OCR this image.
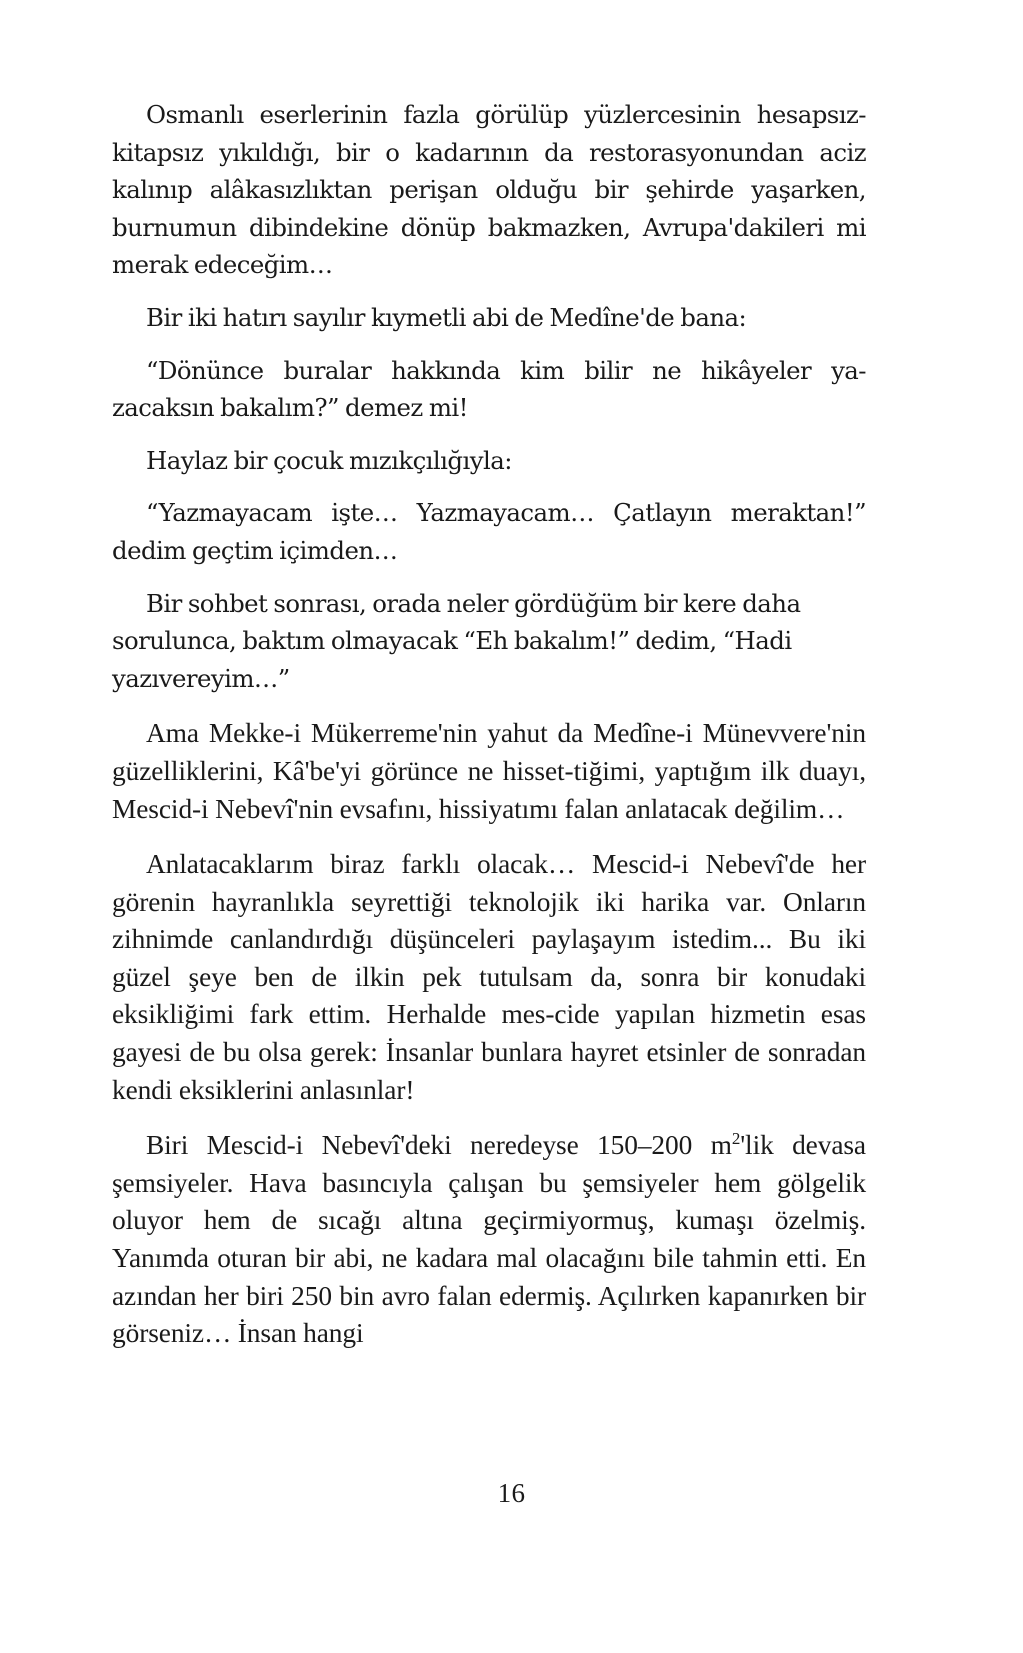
Osmanlı eserlerinin fazla görülüp yüzlercesinin hesapsız-kitapsız yıkıldığı, bir o kadarının da restorasyonundan aciz kalınıp alâkasızlıktan perişan olduğu bir şehirde yaşarken, burnumun dibindekine dönüp bakmazken, Avrupa'dakileri mi merak edeceğim…

Bir iki hatırı sayılır kıymetli abi de Medîne'de bana:

“Dönünce buralar hakkında kim bilir ne hikâyeler ya-zacaksın bakalım?” demez mi!

Haylaz bir çocuk mızıkçılığıyla:

“Yazmayacam işte… Yazmayacam… Çatlayın meraktan!” dedim geçtim içimden…

Bir sohbet sonrası, orada neler gördüğüm bir kere daha sorulunca, baktım olmayacak “Eh bakalım!” dedim, “Hadi yazıvereyim…”

Ama Mekke-i Mükerreme'nin yahut da Medîne-i Münevvere'nin güzelliklerini, Kâ'be'yi görünce ne hisset-tiğimi, yaptığım ilk duayı, Mescid-i Nebevî'nin evsafını, hissiyatımı falan anlatacak değilim…

Anlatacaklarım biraz farklı olacak… Mescid-i Nebevî'de her görenin hayranlıkla seyrettiği teknolojik iki harika var. Onların zihnimde canlandırdığı düşünceleri paylaşayım istedim... Bu iki güzel şeye ben de ilkin pek tutulsam da, sonra bir konudaki eksikliğimi fark ettim. Herhalde mes-cide yapılan hizmetin esas gayesi de bu olsa gerek: İnsanlar bunlara hayret etsinler de sonradan kendi eksiklerini anlasınlar!

Biri Mescid-i Nebevî'deki neredeyse 150–200 $m^2'lik$ devasa şemsiyeler. Hava basıncıyla çalışan bu şemsiyeler hem gölgelik oluyor hem de sıcağı altına geçirmiyormuş, kumaşı özelmiş. Yanımda oturan bir abi, ne kadara mal olacağını bile tahmin etti. En azından her biri 250 bin avro falan edermiş. Açılırken kapanırken bir görseniz… İnsan hangi

16
